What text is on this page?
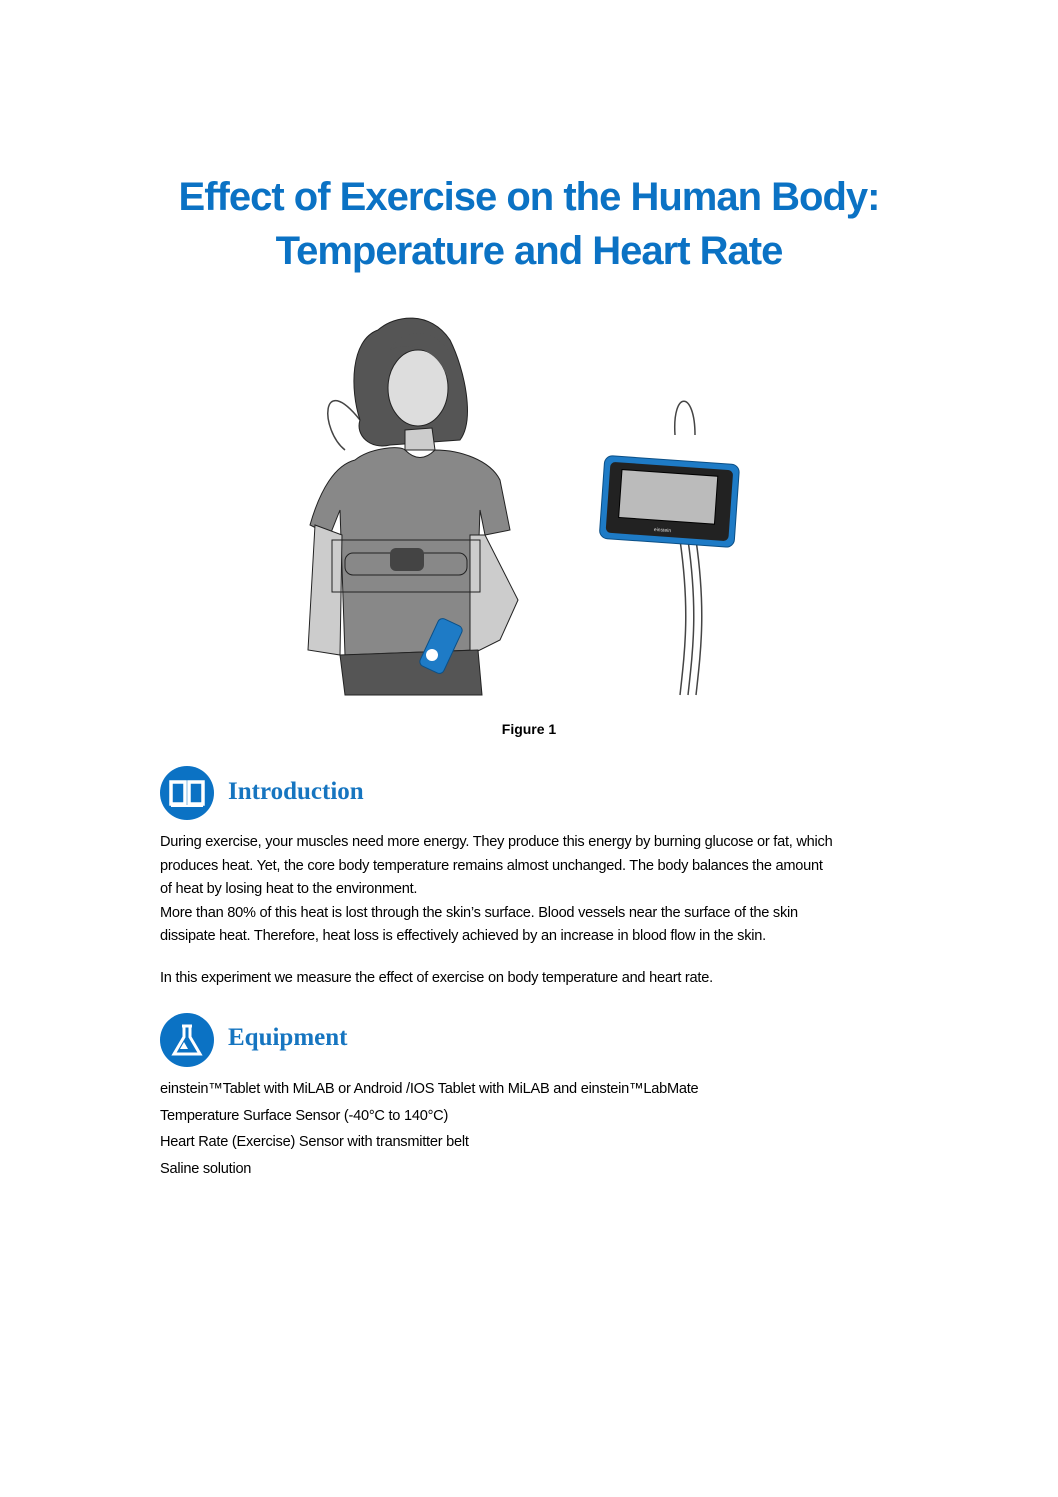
Effect of Exercise on the Human Body:
Temperature and Heart Rate
einstein
Figure 1
Introduction

During exercise, your muscles need more energy. They produce this energy by burning glucose or fat, which

produces heat. Yet, the core body temperature remains almost unchanged. The body balances the amount

of heat by losing heat to the environment.

More than 80% of this heat is lost through the skin’s surface. Blood vessels near the surface of the skin

dissipate heat. Therefore, heat loss is effectively achieved by an increase in blood flow in the skin.

In this experiment we measure the effect of exercise on body temperature and heart rate.
Equipment
einstein™Tablet with MiLAB or Android /IOS Tablet with MiLAB and einstein™LabMate
Temperature Surface Sensor (-40°C to 140°C)
Heart Rate (Exercise) Sensor with transmitter belt
Saline solution
